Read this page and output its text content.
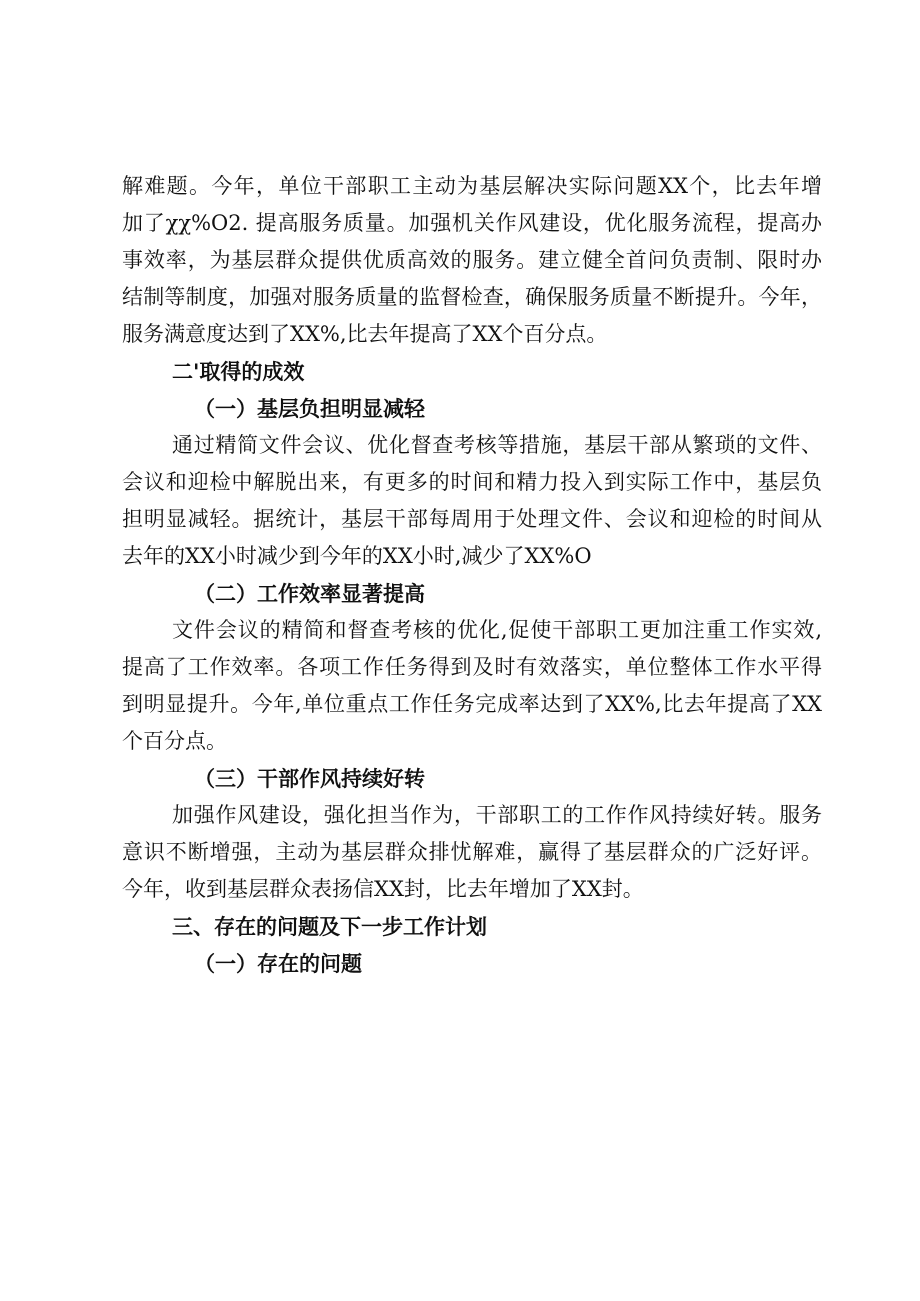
解难题。今年，单位干部职工主动为基层解决实际问题XX个，比去年增
加了χχ%O2. 提高服务质量。加强机关作风建设，优化服务流程，提高办
事效率，为基层群众提供优质高效的服务。建立健全首问负责制、限时办
结制等制度，加强对服务质量的监督检查，确保服务质量不断提升。今年，
服务满意度达到了XX%,比去年提高了XX个百分点。
二'取得的成效
（一）基层负担明显减轻
通过精简文件会议、优化督查考核等措施，基层干部从繁琐的文件、
会议和迎检中解脱出来，有更多的时间和精力投入到实际工作中，基层负
担明显减轻。据统计，基层干部每周用于处理文件、会议和迎检的时间从
去年的XX小时减少到今年的XX小时,减少了XX%O
（二）工作效率显著提高
文件会议的精简和督查考核的优化,促使干部职工更加注重工作实效,
提高了工作效率。各项工作任务得到及时有效落实，单位整体工作水平得
到明显提升。今年,单位重点工作任务完成率达到了XX%,比去年提高了XX
个百分点。
（三）干部作风持续好转
加强作风建设，强化担当作为，干部职工的工作作风持续好转。服务
意识不断增强，主动为基层群众排忧解难，赢得了基层群众的广泛好评。
今年，收到基层群众表扬信XX封，比去年增加了XX封。
三、存在的问题及下一步工作计划
（一）存在的问题
